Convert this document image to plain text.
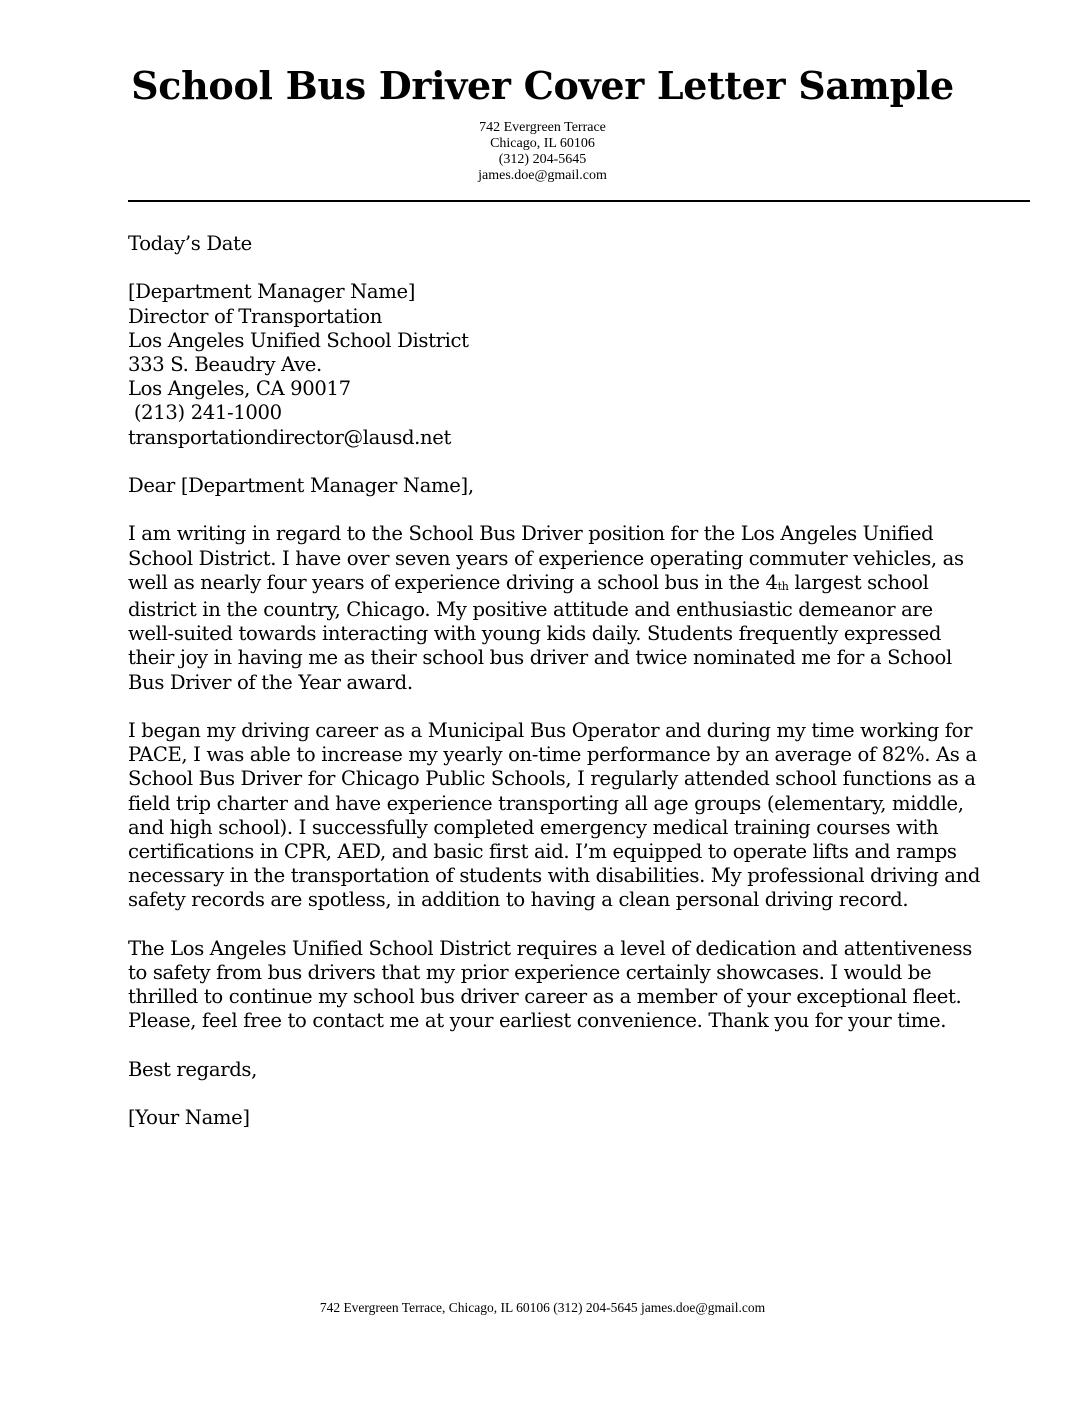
School Bus Driver Cover Letter Sample
742 Evergreen Terrace
Chicago, IL 60106
(312) 204-5645
james.doe@gmail.com

Today’s Date

[Department Manager Name]
Director of Transportation
Los Angeles Unified School District
333 S. Beaudry Ave.
Los Angeles, CA 90017
(213) 241-1000
transportationdirector@lausd.net

Dear [Department Manager Name],

I am writing in regard to the School Bus Driver position for the Los Angeles Unified
School District. I have over seven years of experience operating commuter vehicles, as
well as nearly four years of experience driving a school bus in the 4th largest school
district in the country, Chicago. My positive attitude and enthusiastic demeanor are
well-suited towards interacting with young kids daily. Students frequently expressed
their joy in having me as their school bus driver and twice nominated me for a School
Bus Driver of the Year award.

I began my driving career as a Municipal Bus Operator and during my time working for
PACE, I was able to increase my yearly on-time performance by an average of 82%. As a
School Bus Driver for Chicago Public Schools, I regularly attended school functions as a
field trip charter and have experience transporting all age groups (elementary, middle,
and high school). I successfully completed emergency medical training courses with
certifications in CPR, AED, and basic first aid. I’m equipped to operate lifts and ramps
necessary in the transportation of students with disabilities. My professional driving and
safety records are spotless, in addition to having a clean personal driving record.

The Los Angeles Unified School District requires a level of dedication and attentiveness
to safety from bus drivers that my prior experience certainly showcases. I would be
thrilled to continue my school bus driver career as a member of your exceptional fleet.
Please, feel free to contact me at your earliest convenience. Thank you for your time.

Best regards,

[Your Name]

742 Evergreen Terrace, Chicago, IL 60106 (312) 204-5645 james.doe@gmail.com
